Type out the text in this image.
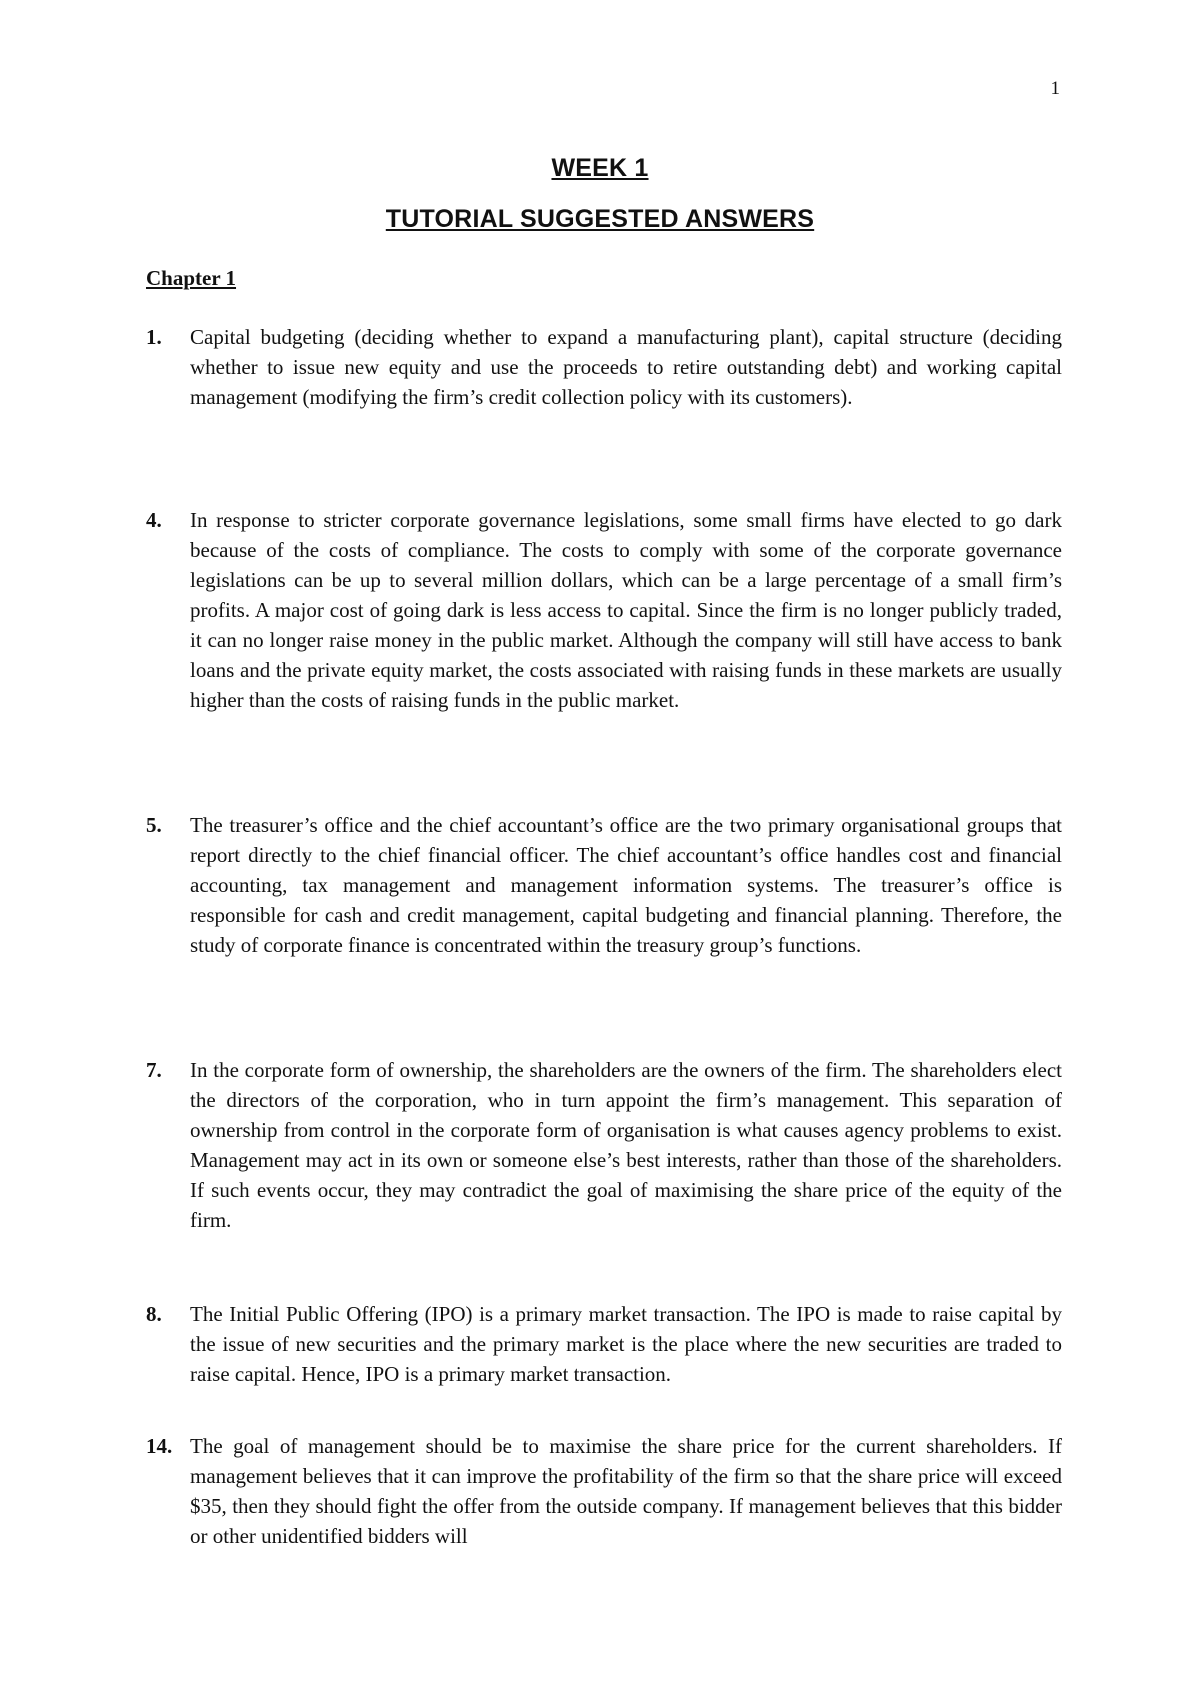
1
WEEK 1
TUTORIAL SUGGESTED ANSWERS
Chapter 1
1. Capital budgeting (deciding whether to expand a manufacturing plant), capital structure (deciding whether to issue new equity and use the proceeds to retire outstanding debt) and working capital management (modifying the firm’s credit collection policy with its customers).
4. In response to stricter corporate governance legislations, some small firms have elected to go dark because of the costs of compliance. The costs to comply with some of the corporate governance legislations can be up to several million dollars, which can be a large percentage of a small firm’s profits. A major cost of going dark is less access to capital. Since the firm is no longer publicly traded, it can no longer raise money in the public market. Although the company will still have access to bank loans and the private equity market, the costs associated with raising funds in these markets are usually higher than the costs of raising funds in the public market.
5. The treasurer’s office and the chief accountant’s office are the two primary organisational groups that report directly to the chief financial officer. The chief accountant’s office handles cost and financial accounting, tax management and management information systems. The treasurer’s office is responsible for cash and credit management, capital budgeting and financial planning. Therefore, the study of corporate finance is concentrated within the treasury group’s functions.
7. In the corporate form of ownership, the shareholders are the owners of the firm. The shareholders elect the directors of the corporation, who in turn appoint the firm’s management. This separation of ownership from control in the corporate form of organisation is what causes agency problems to exist. Management may act in its own or someone else’s best interests, rather than those of the shareholders. If such events occur, they may contradict the goal of maximising the share price of the equity of the firm.
8. The Initial Public Offering (IPO) is a primary market transaction. The IPO is made to raise capital by the issue of new securities and the primary market is the place where the new securities are traded to raise capital. Hence, IPO is a primary market transaction.
14. The goal of management should be to maximise the share price for the current shareholders. If management believes that it can improve the profitability of the firm so that the share price will exceed $35, then they should fight the offer from the outside company. If management believes that this bidder or other unidentified bidders will
